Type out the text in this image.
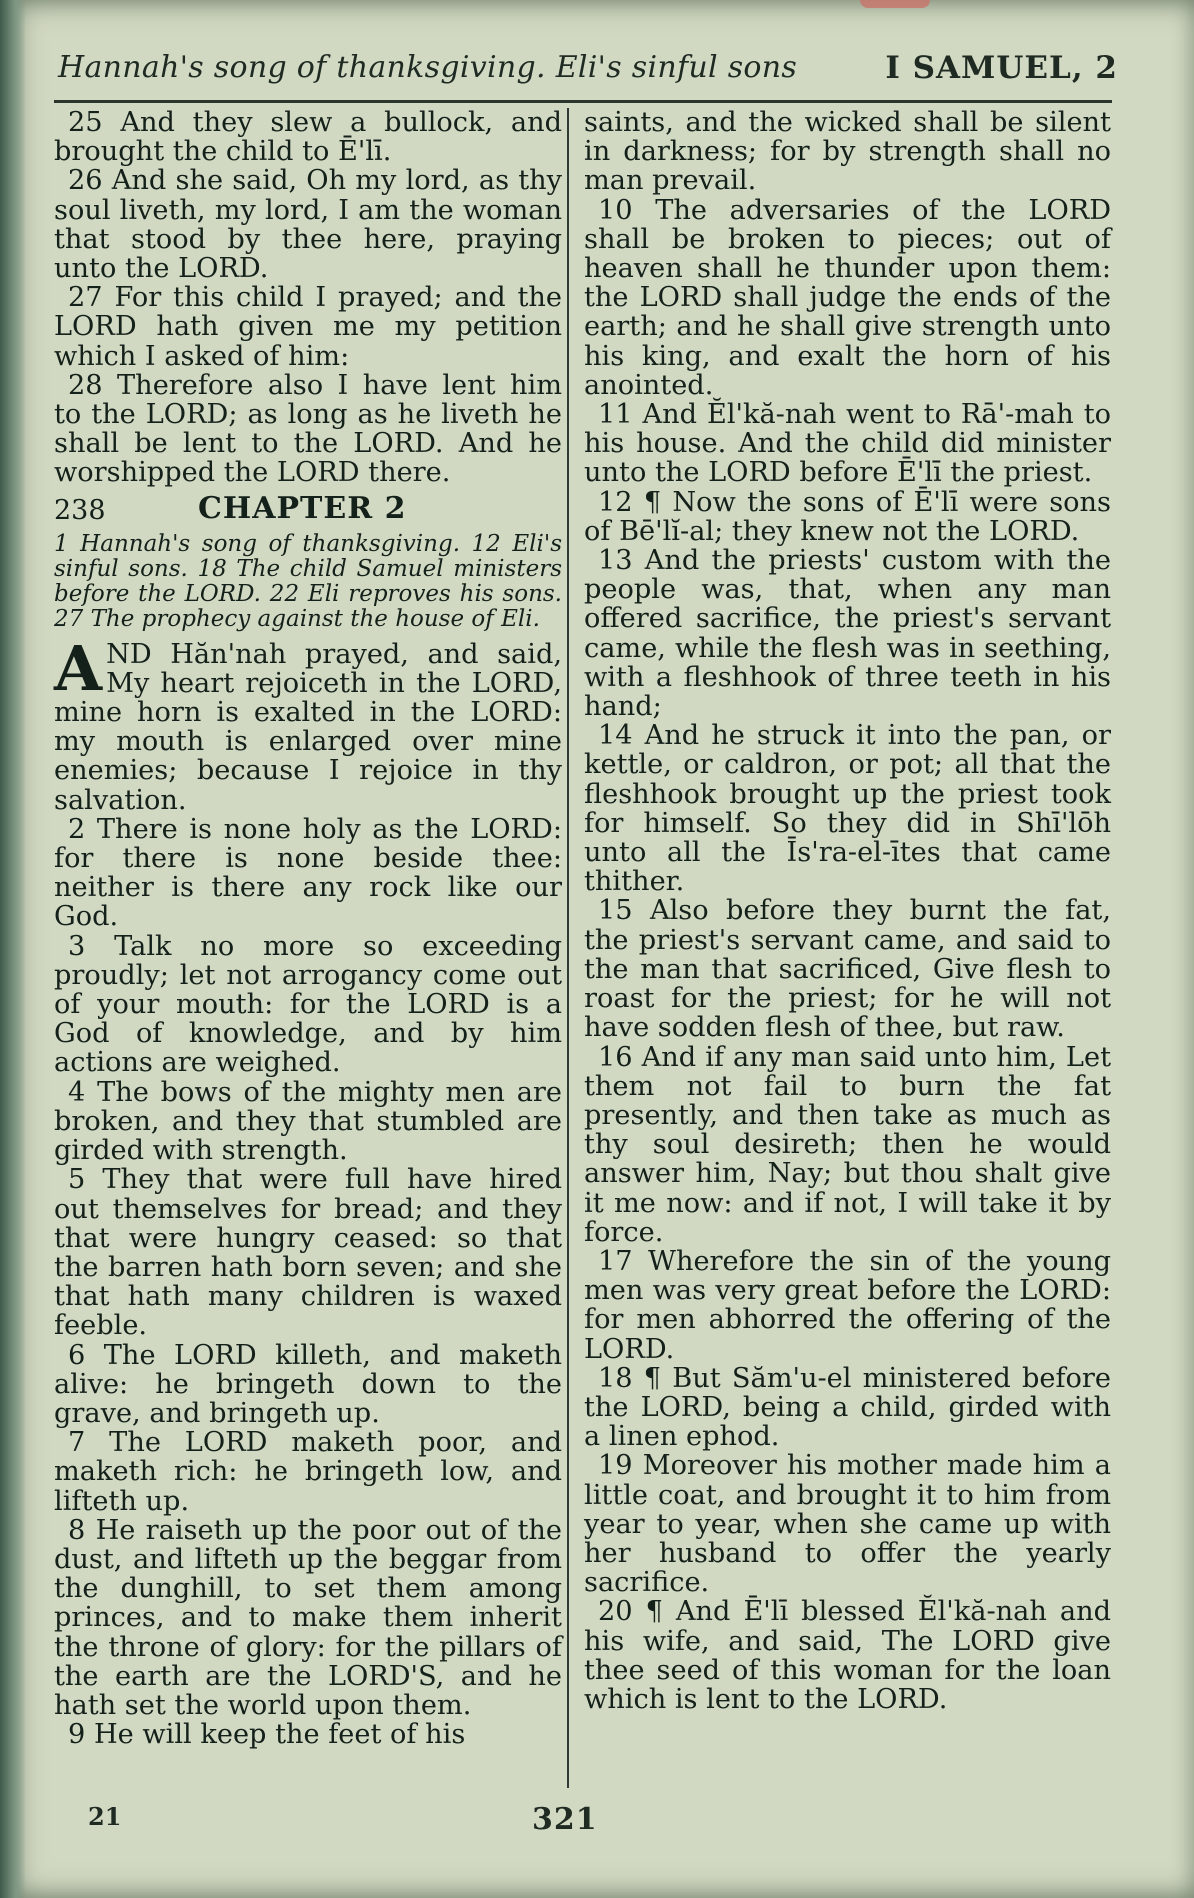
Hannah's song of thanksgiving. Eli's sinful sons	I SAMUEL, 2

25 And they slew a bullock, and brought the child to Ē'lī.

26 And she said, Oh my lord, as thy soul liveth, my lord, I am the woman that stood by thee here, praying unto the LORD.

27 For this child I prayed; and the LORD hath given me my petition which I asked of him:

28 Therefore also I have lent him to the LORD; as long as he liveth he shall be lent to the LORD. And he worshipped the LORD there.

238	CHAPTER 2

1 Hannah's song of thanksgiving. 12 Eli's sinful sons. 18 The child Samuel ministers before the LORD. 22 Eli reproves his sons. 27 The prophecy against the house of Eli.

AND Hăn'nah prayed, and said, My heart rejoiceth in the LORD, mine horn is exalted in the LORD: my mouth is enlarged over mine enemies; because I rejoice in thy salvation.

2 There is none holy as the LORD: for there is none beside thee: neither is there any rock like our God.

3 Talk no more so exceeding proudly; let not arrogancy come out of your mouth: for the LORD is a God of knowledge, and by him actions are weighed.

4 The bows of the mighty men are broken, and they that stumbled are girded with strength.

5 They that were full have hired out themselves for bread; and they that were hungry ceased: so that the barren hath born seven; and she that hath many children is waxed feeble.

6 The LORD killeth, and maketh alive: he bringeth down to the grave, and bringeth up.

7 The LORD maketh poor, and maketh rich: he bringeth low, and lifteth up.

8 He raiseth up the poor out of the dust, and lifteth up the beggar from the dunghill, to set them among princes, and to make them inherit the throne of glory: for the pillars of the earth are the LORD'S, and he hath set the world upon them.

9 He will keep the feet of his

saints, and the wicked shall be silent in darkness; for by strength shall no man prevail.

10 The adversaries of the LORD shall be broken to pieces; out of heaven shall he thunder upon them: the LORD shall judge the ends of the earth; and he shall give strength unto his king, and exalt the horn of his anointed.

11 And Ĕl'kă-nah went to Rā'-mah to his house. And the child did minister unto the LORD before Ē'lī the priest.

12 ¶ Now the sons of Ē'lī were sons of Bē'lĭ-al; they knew not the LORD.

13 And the priests' custom with the people was, that, when any man offered sacrifice, the priest's servant came, while the flesh was in seething, with a fleshhook of three teeth in his hand;

14 And he struck it into the pan, or kettle, or caldron, or pot; all that the fleshhook brought up the priest took for himself. So they did in Shī'lōh unto all the Īs'ra-el-ītes that came thither.

15 Also before they burnt the fat, the priest's servant came, and said to the man that sacrificed, Give flesh to roast for the priest; for he will not have sodden flesh of thee, but raw.

16 And if any man said unto him, Let them not fail to burn the fat presently, and then take as much as thy soul desireth; then he would answer him, Nay; but thou shalt give it me now: and if not, I will take it by force.

17 Wherefore the sin of the young men was very great before the LORD: for men abhorred the offering of the LORD.

18 ¶ But Săm'u-el ministered before the LORD, being a child, girded with a linen ephod.

19 Moreover his mother made him a little coat, and brought it to him from year to year, when she came up with her husband to offer the yearly sacrifice.

20 ¶ And Ē'lī blessed Ĕl'kă-nah and his wife, and said, The LORD give thee seed of this woman for the loan which is lent to the LORD.

21	321
